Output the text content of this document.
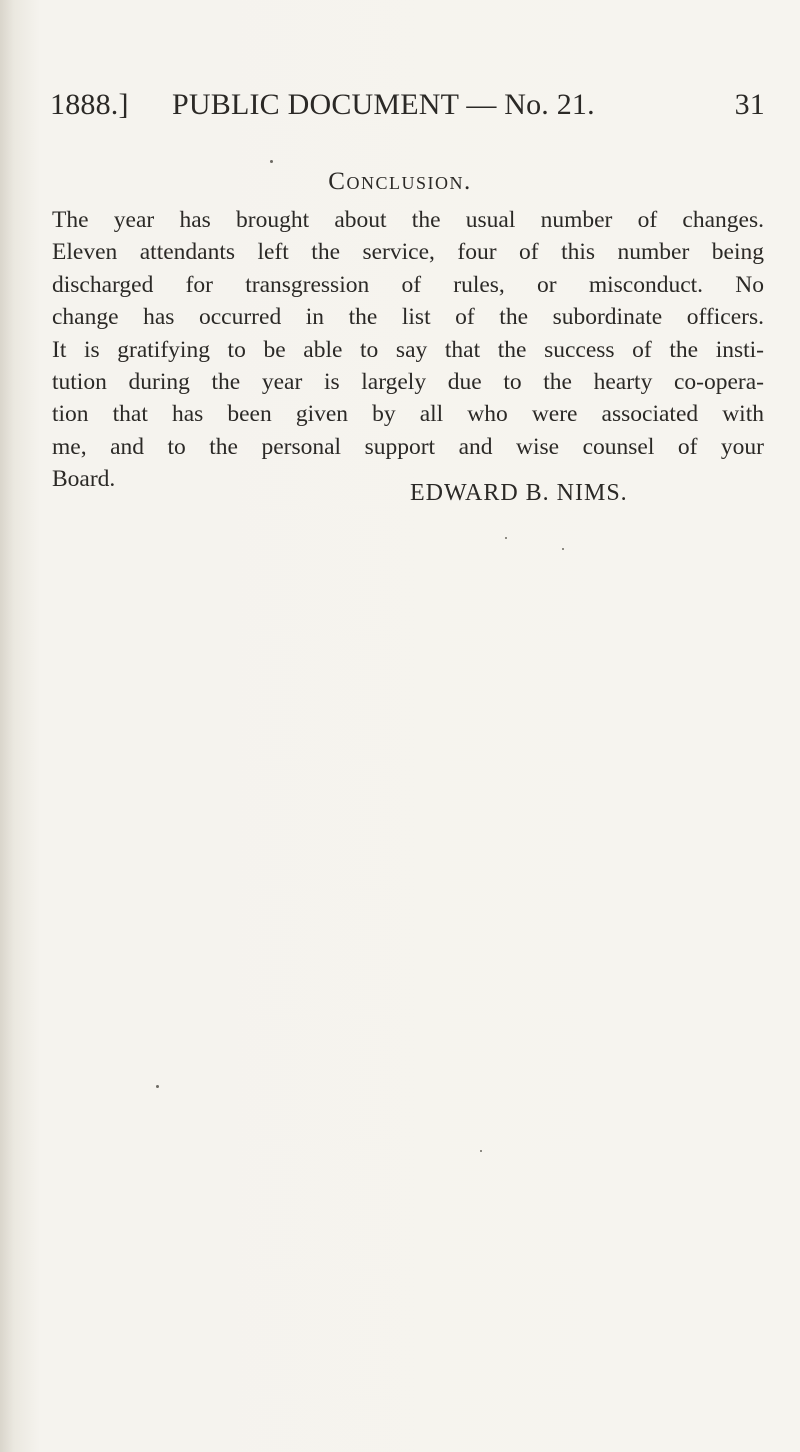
1888.] PUBLIC DOCUMENT — No. 21.	31
Conclusion.
The year has brought about the usual number of changes.
Eleven attendants left the service, four of this number being
discharged for transgression of rules, or misconduct. No
change has occurred in the list of the subordinate officers.
It is gratifying to be able to say that the success of the insti-
tution during the year is largely due to the hearty co-opera-
tion that has been given by all who were associated with
me, and to the personal support and wise counsel of your
Board.
EDWARD B. NIMS.
